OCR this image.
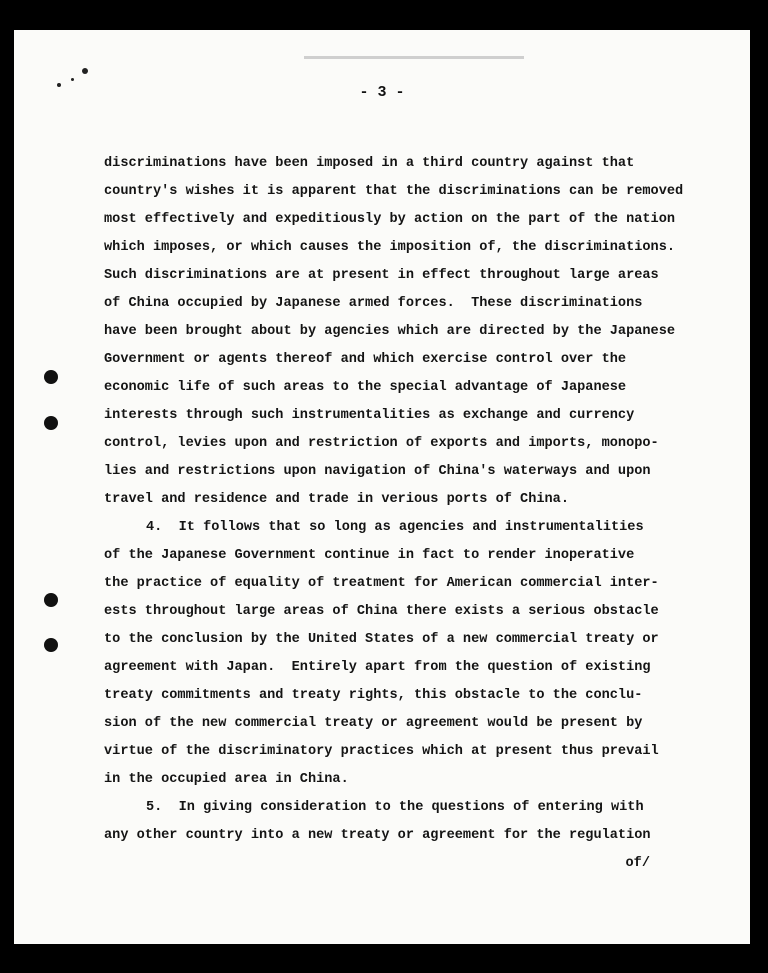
- 3 -
discriminations have been imposed in a third country against that
country's wishes it is apparent that the discriminations can be removed
most effectively and expeditiously by action on the part of the nation
which imposes, or which causes the imposition of, the discriminations.
Such discriminations are at present in effect throughout large areas
of China occupied by Japanese armed forces.  These discriminations
have been brought about by agencies which are directed by the Japanese
Government or agents thereof and which exercise control over the
economic life of such areas to the special advantage of Japanese
interests through such instrumentalities as exchange and currency
control, levies upon and restriction of exports and imports, monopo-
lies and restrictions upon navigation of China's waterways and upon
travel and residence and trade in verious ports of China.
4.  It follows that so long as agencies and instrumentalities
of the Japanese Government continue in fact to render inoperative
the practice of equality of treatment for American commercial inter-
ests throughout large areas of China there exists a serious obstacle
to the conclusion by the United States of a new commercial treaty or
agreement with Japan.  Entirely apart from the question of existing
treaty commitments and treaty rights, this obstacle to the conclu-
sion of the new commercial treaty or agreement would be present by
virtue of the discriminatory practices which at present thus prevail
in the occupied area in China.
5.  In giving consideration to the questions of entering with
any other country into a new treaty or agreement for the regulation
of/
